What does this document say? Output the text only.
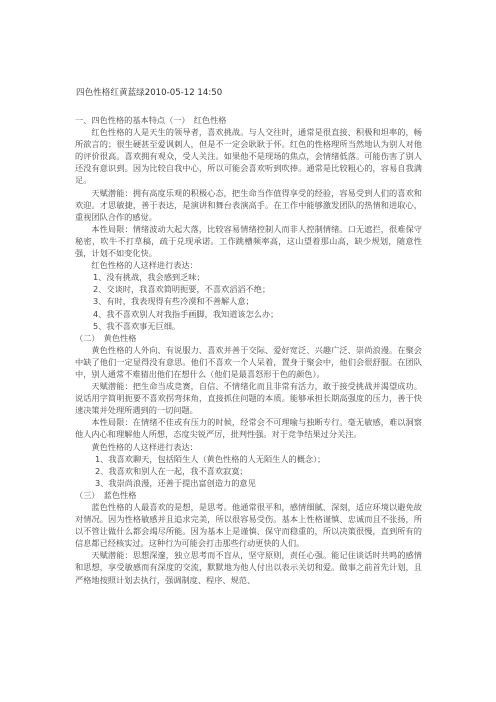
四色性格红黄蓝绿2010-05-12 14:50

一、四色性格的基本特点（一）　红色性格

红色性格的人是天生的领导者，喜欢挑战。与人交往时，通常是很直接、积极和坦率的，畅所欲言的；很生硬甚至爱讽刺人，但是不一定会耿耿于怀。红色的性格理所当然地认为别人对他的评价很高。喜欢拥有观众，受人关注。如果他不是现场的焦点，会情绪低落。可能伤害了别人还没有意识到。因为比较自我中心，所以可能会喜欢听到吹捧。通常是比较粗心的，容易自我满足。

天赋潜能：拥有高度乐观的积极心态，把生命当作值得享受的经验，容易受到人们的喜欢和欢迎。才思敏捷，善于表达，是演讲和舞台表演高手。在工作中能够激发团队的热情和进取心，重视团队合作的感觉。

本性局限：情绪波动大起大落，比较容易情绪控制人而非人控制情绪。口无遮拦，很难保守秘密，吹牛不打草稿，疏于兑现承诺。工作跳槽频率高，这山望着那山高，缺少规划，随意性强，计划不如变化快。

红色性格的人这样进行表达：

1、没有挑战，我会感到乏味；

2、交谈时，我喜欢简明扼要，不喜欢滔滔不绝；

3、有时，我表现得有些冷漠和不善解人意；

4、我不喜欢别人对我指手画脚，我知道该怎么办；

5、我不喜欢事无巨细。

（二）　黄色性格

黄色性格的人外向、有说服力、喜欢并善于交际、爱好宽泛、兴趣广泛、崇尚浪漫。在聚会中缺了他们一定显得没有意思。他们不喜欢一个人呆着，置身于聚会中，他们会很舒服。在团队中，别人通常不难猜出他们在想什么（他们是最喜怒形于色的颜色）。

天赋潜能：把生命当成竞赛，自信、不情绪化而且非常有活力，敢于接受挑战并渴望成功。说话用字简明扼要不喜欢拐弯抹角，直接抓住问题的本质。能够承担长期高强度的压力，善于快速决策并处理所遇到的一切问题。

本性局限：在情绪不佳或有压力的时候，经常会不可理喻与独断专行。毫无敏感，难以洞察他人内心和理解他人所想，态度尖锐严厉，批判性强。对于竞争结果过分关注。

黄色性格的人这样进行表达：

1、我喜欢聊天，包括陌生人（黄色性格的人无陌生人的概念）；

2、我喜欢和别人在一起，我不喜欢寂寞；

3、我崇尚浪漫，还善于提出富创造力的意见

（三）　蓝色性格

蓝色性格的人最喜欢的是想，是思考。他通常很平和，感情细腻、深刻，适应环境以避免故对情况。因为性格敏感并且追求完美，所以很容易受伤。基本上性格谨慎、忠诚而且不张扬，所以不管让做什么都会竭尽所能。因为基本上是谨慎、保守而稳重的，所以决策很慢，直到所有的信息都已经核实过。这种行为可能会打击那些行动更快的人们。

天赋潜能：思想深邃，独立思考而不盲从，坚守原则，责任心强。能记住谈话时共鸣的感情和思想，享受敏感而有深度的交流，默默地为他人付出以表示关切和爱。做事之前首先计划，且严格地按照计划去执行，强调制度、程序、规范、
